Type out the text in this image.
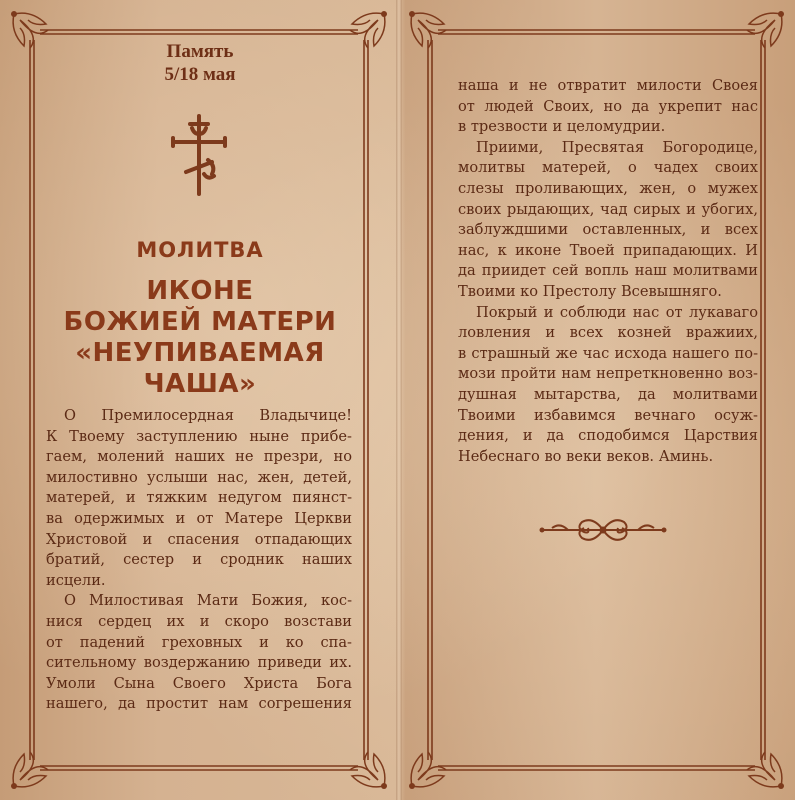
Память
5/18 мая
МОЛИТВА
ИКОНЕ
БОЖИЕЙ МАТЕРИ
«НЕУПИВАЕМАЯ
ЧАША»
О Премилосердная Владычице!
К Твоему заступлению ныне прибе-
гаем, молений наших не презри, но
милостивно услыши нас, жен, детей,
матерей, и тяжким недугом пиянст-
ва одержимых и от Матере Церкви
Христовой и спасения отпадающих
братий, сестер и сродник наших
исцели.
О Милостивая Мати Божия, кос-
нися сердец их и скоро возстави
от падений греховных и ко спа-
сительному воздержанию приведи их.
Умоли Сына Своего Христа Бога
нашего, да простит нам согрешения
наша и не отвратит милости Своея
от людей Своих, но да укрепит нас
в трезвости и целомудрии.
Приими, Пресвятая Богородице,
молитвы матерей, о чадех своих
слезы проливающих, жен, о мужех
своих рыдающих, чад сирых и убогих,
заблуждшими оставленных, и всех
нас, к иконе Твоей припадающих. И
да приидет сей вопль наш молитвами
Твоими ко Престолу Всевышняго.
Покрый и соблюди нас от лукаваго
ловления и всех козней вражиих,
в страшный же час исхода нашего по-
мози пройти нам непреткновенно воз-
душная мытарства, да молитвами
Твоими избавимся вечнаго осуж-
дения, и да сподобимся Царствия
Небеснаго во веки веков. Аминь.
